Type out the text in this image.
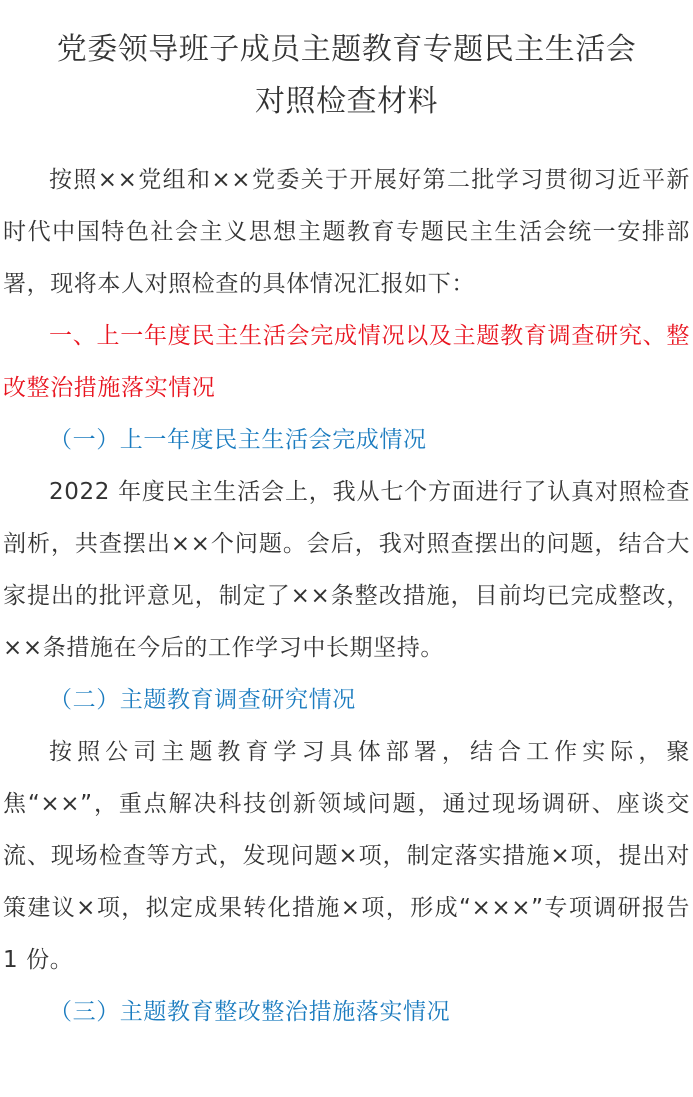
党委领导班子成员主题教育专题民主生活会
对照检查材料

按照××党组和××党委关于开展好第二批学习贯彻习近平新时代中国特色社会主义思想主题教育专题民主生活会统一安排部署，现将本人对照检查的具体情况汇报如下：

一、上一年度民主生活会完成情况以及主题教育调查研究、整改整治措施落实情况

（一）上一年度民主生活会完成情况

2022 年度民主生活会上，我从七个方面进行了认真对照检查剖析，共查摆出××个问题。会后，我对照查摆出的问题，结合大家提出的批评意见，制定了××条整改措施，目前均已完成整改，××条措施在今后的工作学习中长期坚持。

（二）主题教育调查研究情况

按照公司主题教育学习具体部署，结合工作实际，聚焦“××”，重点解决科技创新领域问题，通过现场调研、座谈交流、现场检查等方式，发现问题×项，制定落实措施×项，提出对策建议×项，拟定成果转化措施×项，形成“×××”专项调研报告 1 份。

（三）主题教育整改整治措施落实情况
